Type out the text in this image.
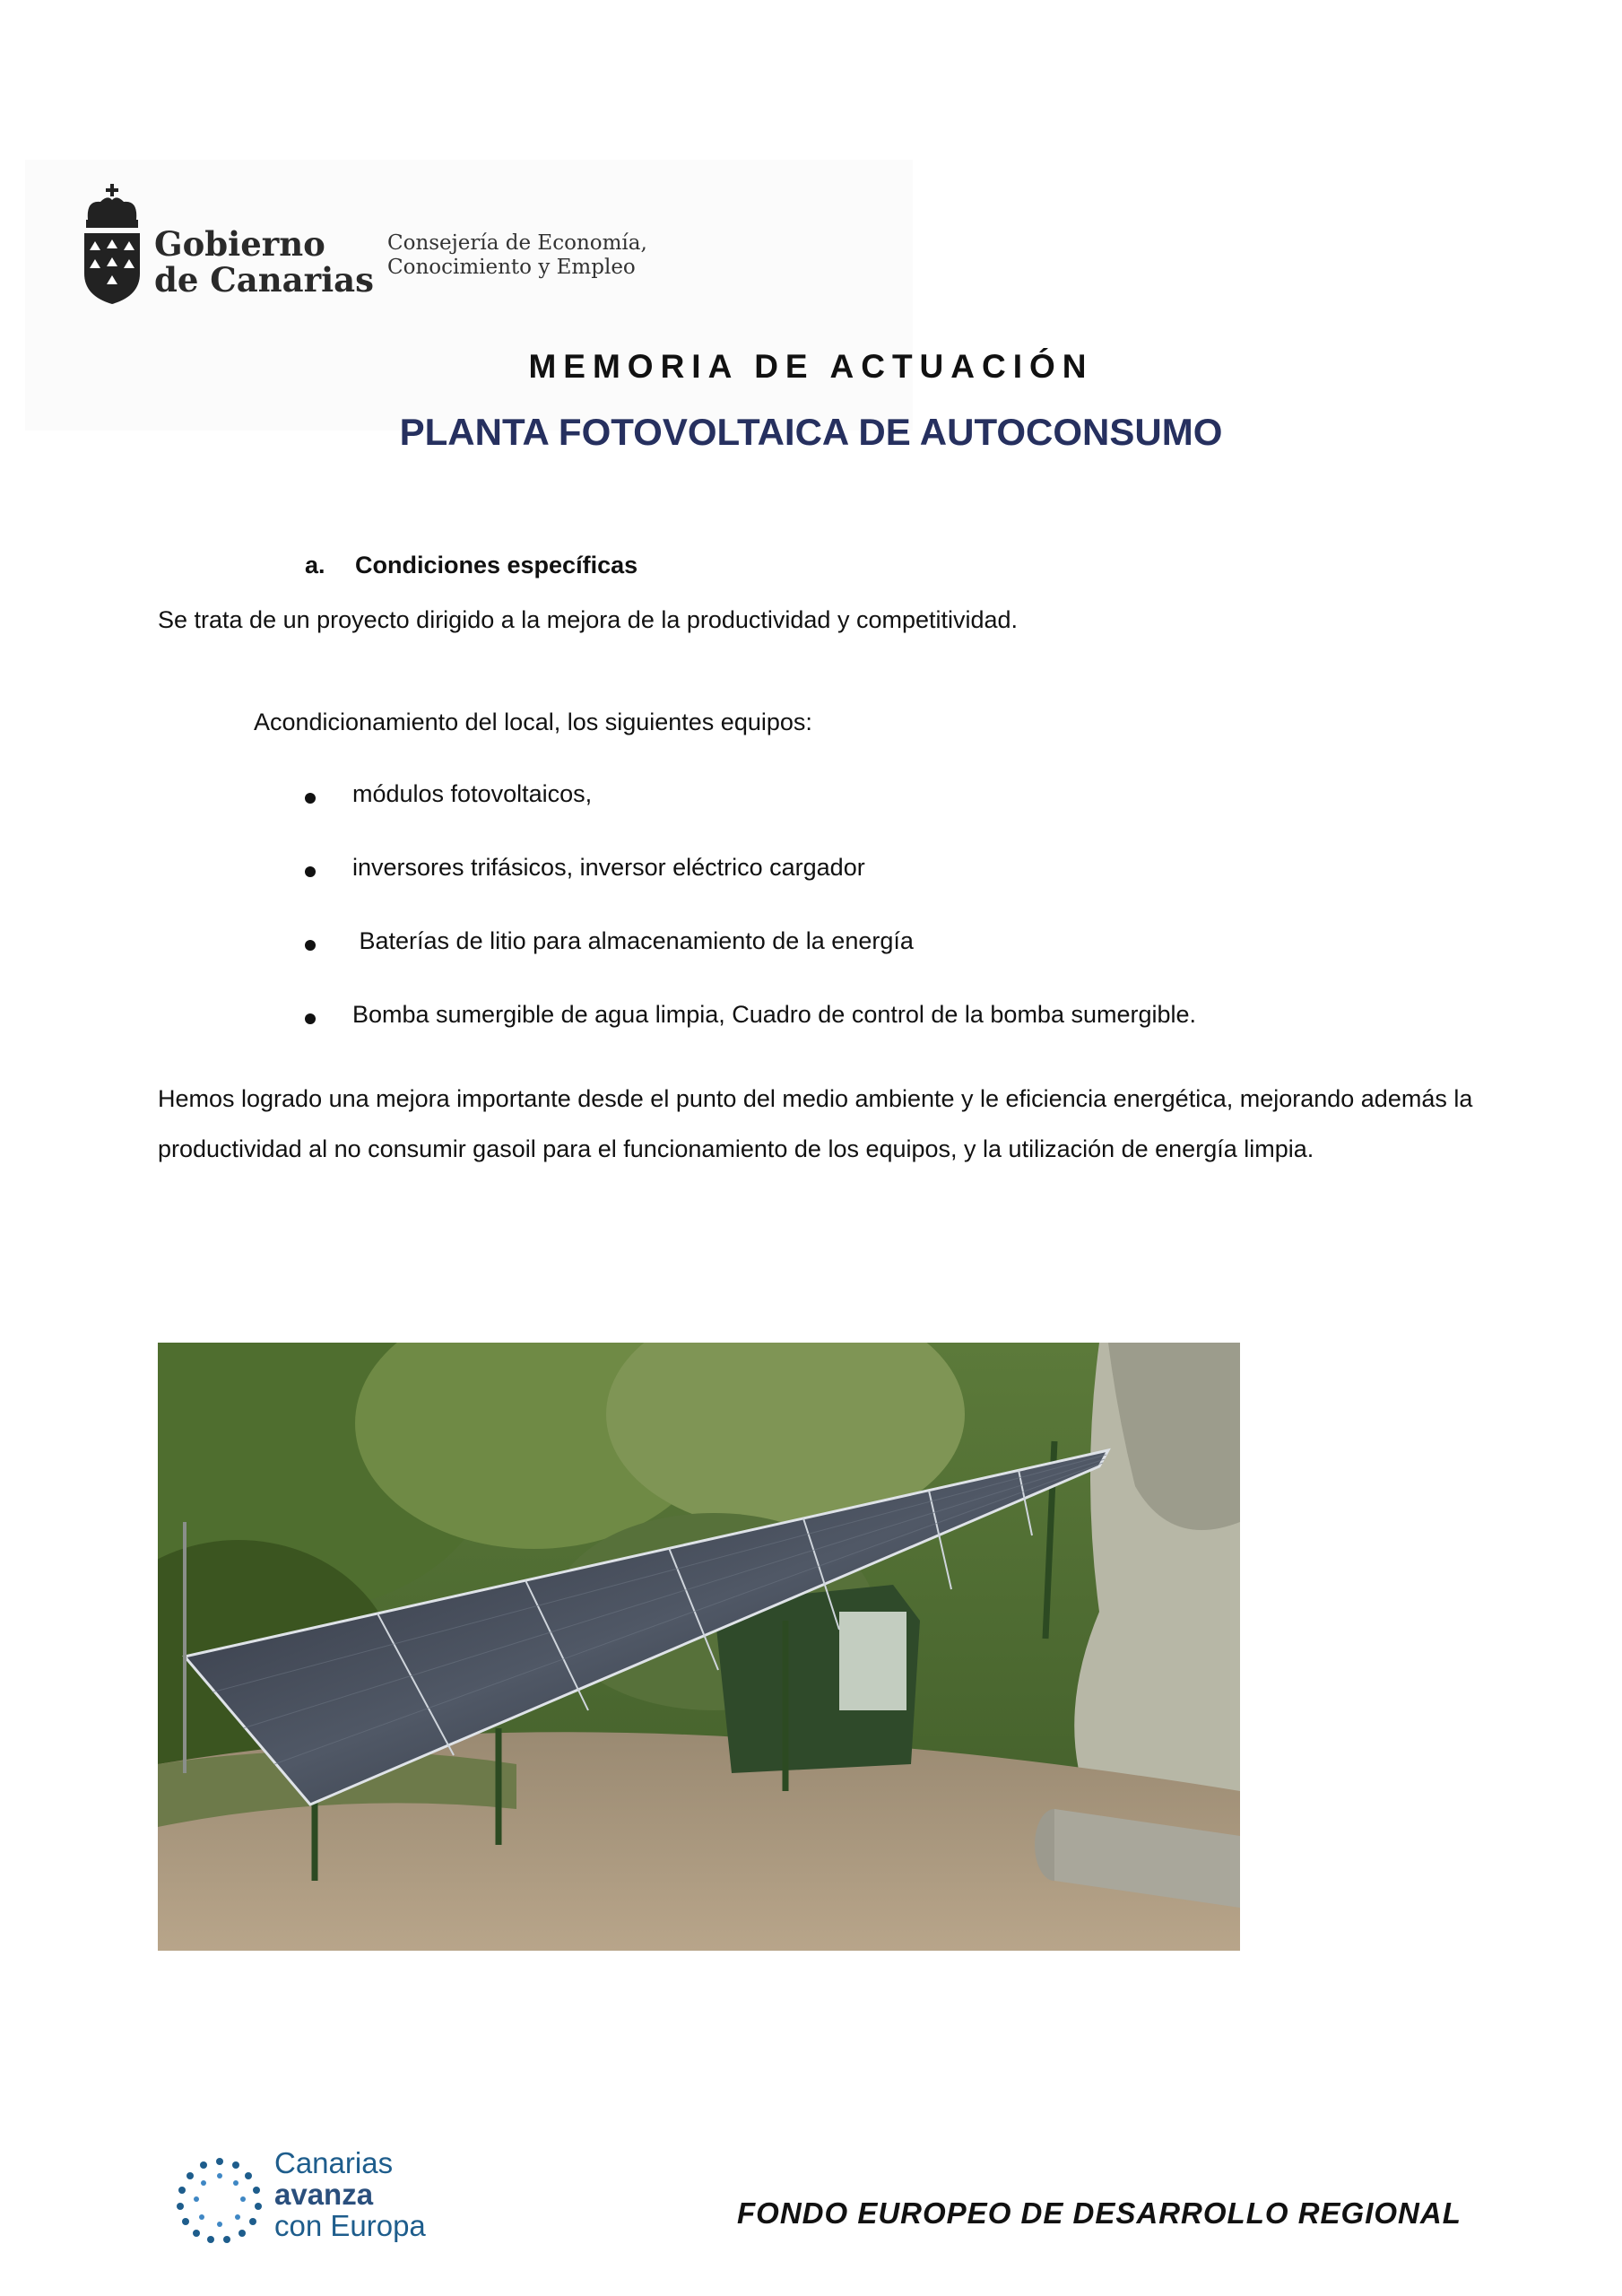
Gobierno
de Canarias
Consejería de Economía,
Conocimiento y Empleo
MEMORIA DE ACTUACIÓN
PLANTA FOTOVOLTAICA DE AUTOCONSUMO
a. Condiciones específicas
Se trata de un proyecto dirigido a la mejora de la productividad y competitividad.
Acondicionamiento del local, los siguientes equipos:
módulos fotovoltaicos,
inversores trifásicos, inversor eléctrico cargador
Baterías de litio para almacenamiento de la energía
Bomba sumergible de agua limpia, Cuadro de control de la bomba sumergible.
Hemos logrado una mejora importante desde el punto del medio ambiente y le eficiencia energética, mejorando además la productividad al no consumir gasoil para el funcionamiento de los equipos, y la utilización de energía limpia.
Canarias
avanza
con Europa	FONDO EUROPEO DE DESARROLLO REGIONAL
